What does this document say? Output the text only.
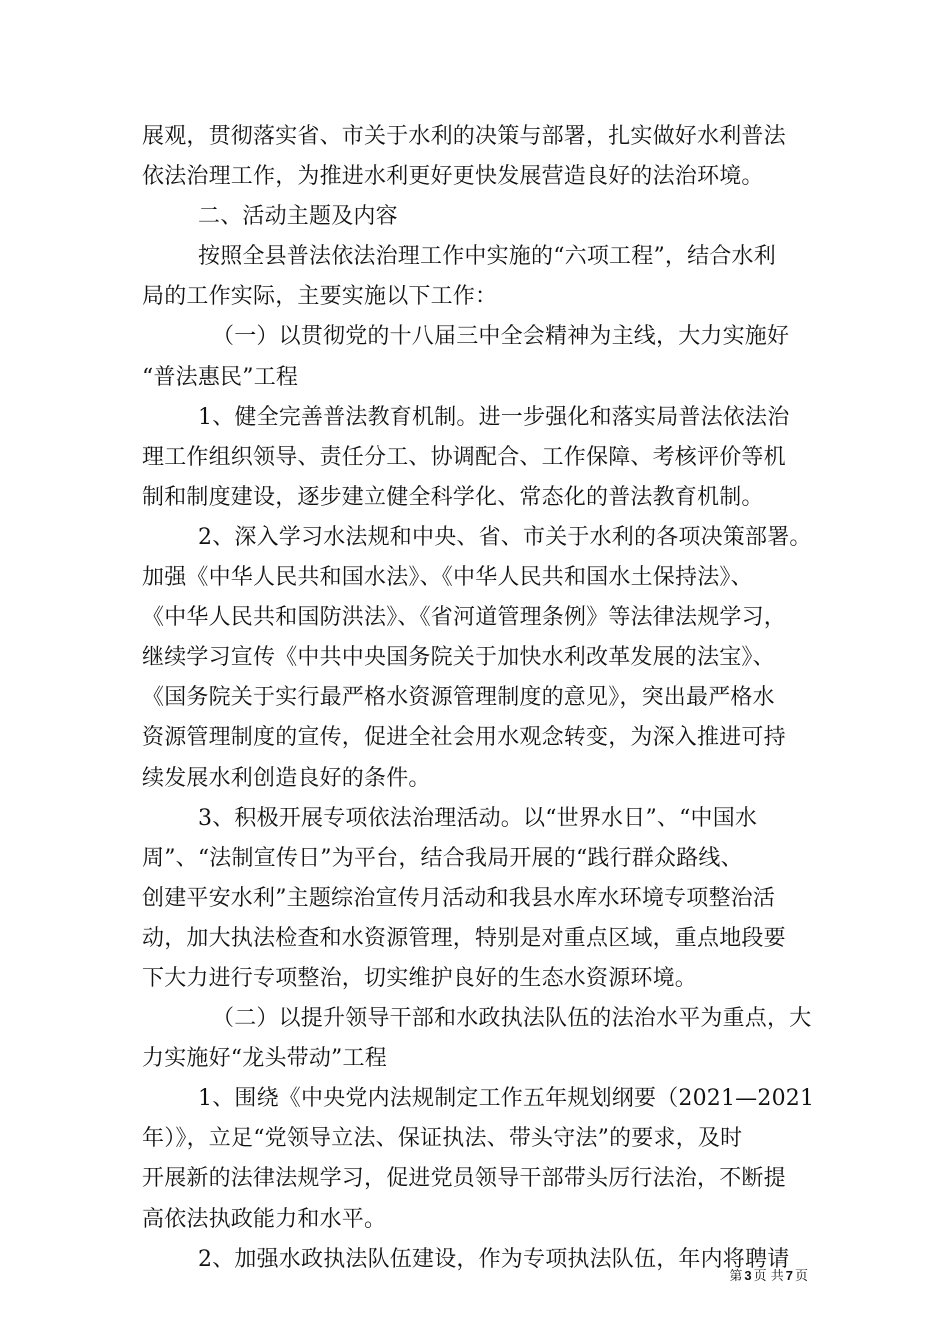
展观，贯彻落实省、市关于水利的决策与部署，扎实做好水利普法
依法治理工作，为推进水利更好更快发展营造良好的法治环境。
二、活动主题及内容
按照全县普法依法治理工作中实施的“六项工程”，结合水利
局的工作实际，主要实施以下工作：
（一）以贯彻党的十八届三中全会精神为主线，大力实施好
“普法惠民”工程
1、健全完善普法教育机制。进一步强化和落实局普法依法治
理工作组织领导、责任分工、协调配合、工作保障、考核评价等机
制和制度建设，逐步建立健全科学化、常态化的普法教育机制。
2、深入学习水法规和中央、省、市关于水利的各项决策部署。
加强《中华人民共和国水法》、《中华人民共和国水土保持法》、
《中华人民共和国防洪法》、《省河道管理条例》等法律法规学习，
继续学习宣传《中共中央国务院关于加快水利改革发展的法宝》、
《国务院关于实行最严格水资源管理制度的意见》，突出最严格水
资源管理制度的宣传，促进全社会用水观念转变，为深入推进可持
续发展水利创造良好的条件。
3、积极开展专项依法治理活动。以“世界水日”、“中国水
周”、“法制宣传日”为平台，结合我局开展的“践行群众路线、
创建平安水利”主题综治宣传月活动和我县水库水环境专项整治活
动，加大执法检查和水资源管理，特别是对重点区域，重点地段要
下大力进行专项整治，切实维护良好的生态水资源环境。
（二）以提升领导干部和水政执法队伍的法治水平为重点，大
力实施好“龙头带动”工程
1、围绕《中央党内法规制定工作五年规划纲要（2021—2021
年）》，立足“党领导立法、保证执法、带头守法”的要求，及时
开展新的法律法规学习，促进党员领导干部带头厉行法治，不断提
高依法执政能力和水平。
2、加强水政执法队伍建设，作为专项执法队伍，年内将聘请
第 3 页 共 7 页
